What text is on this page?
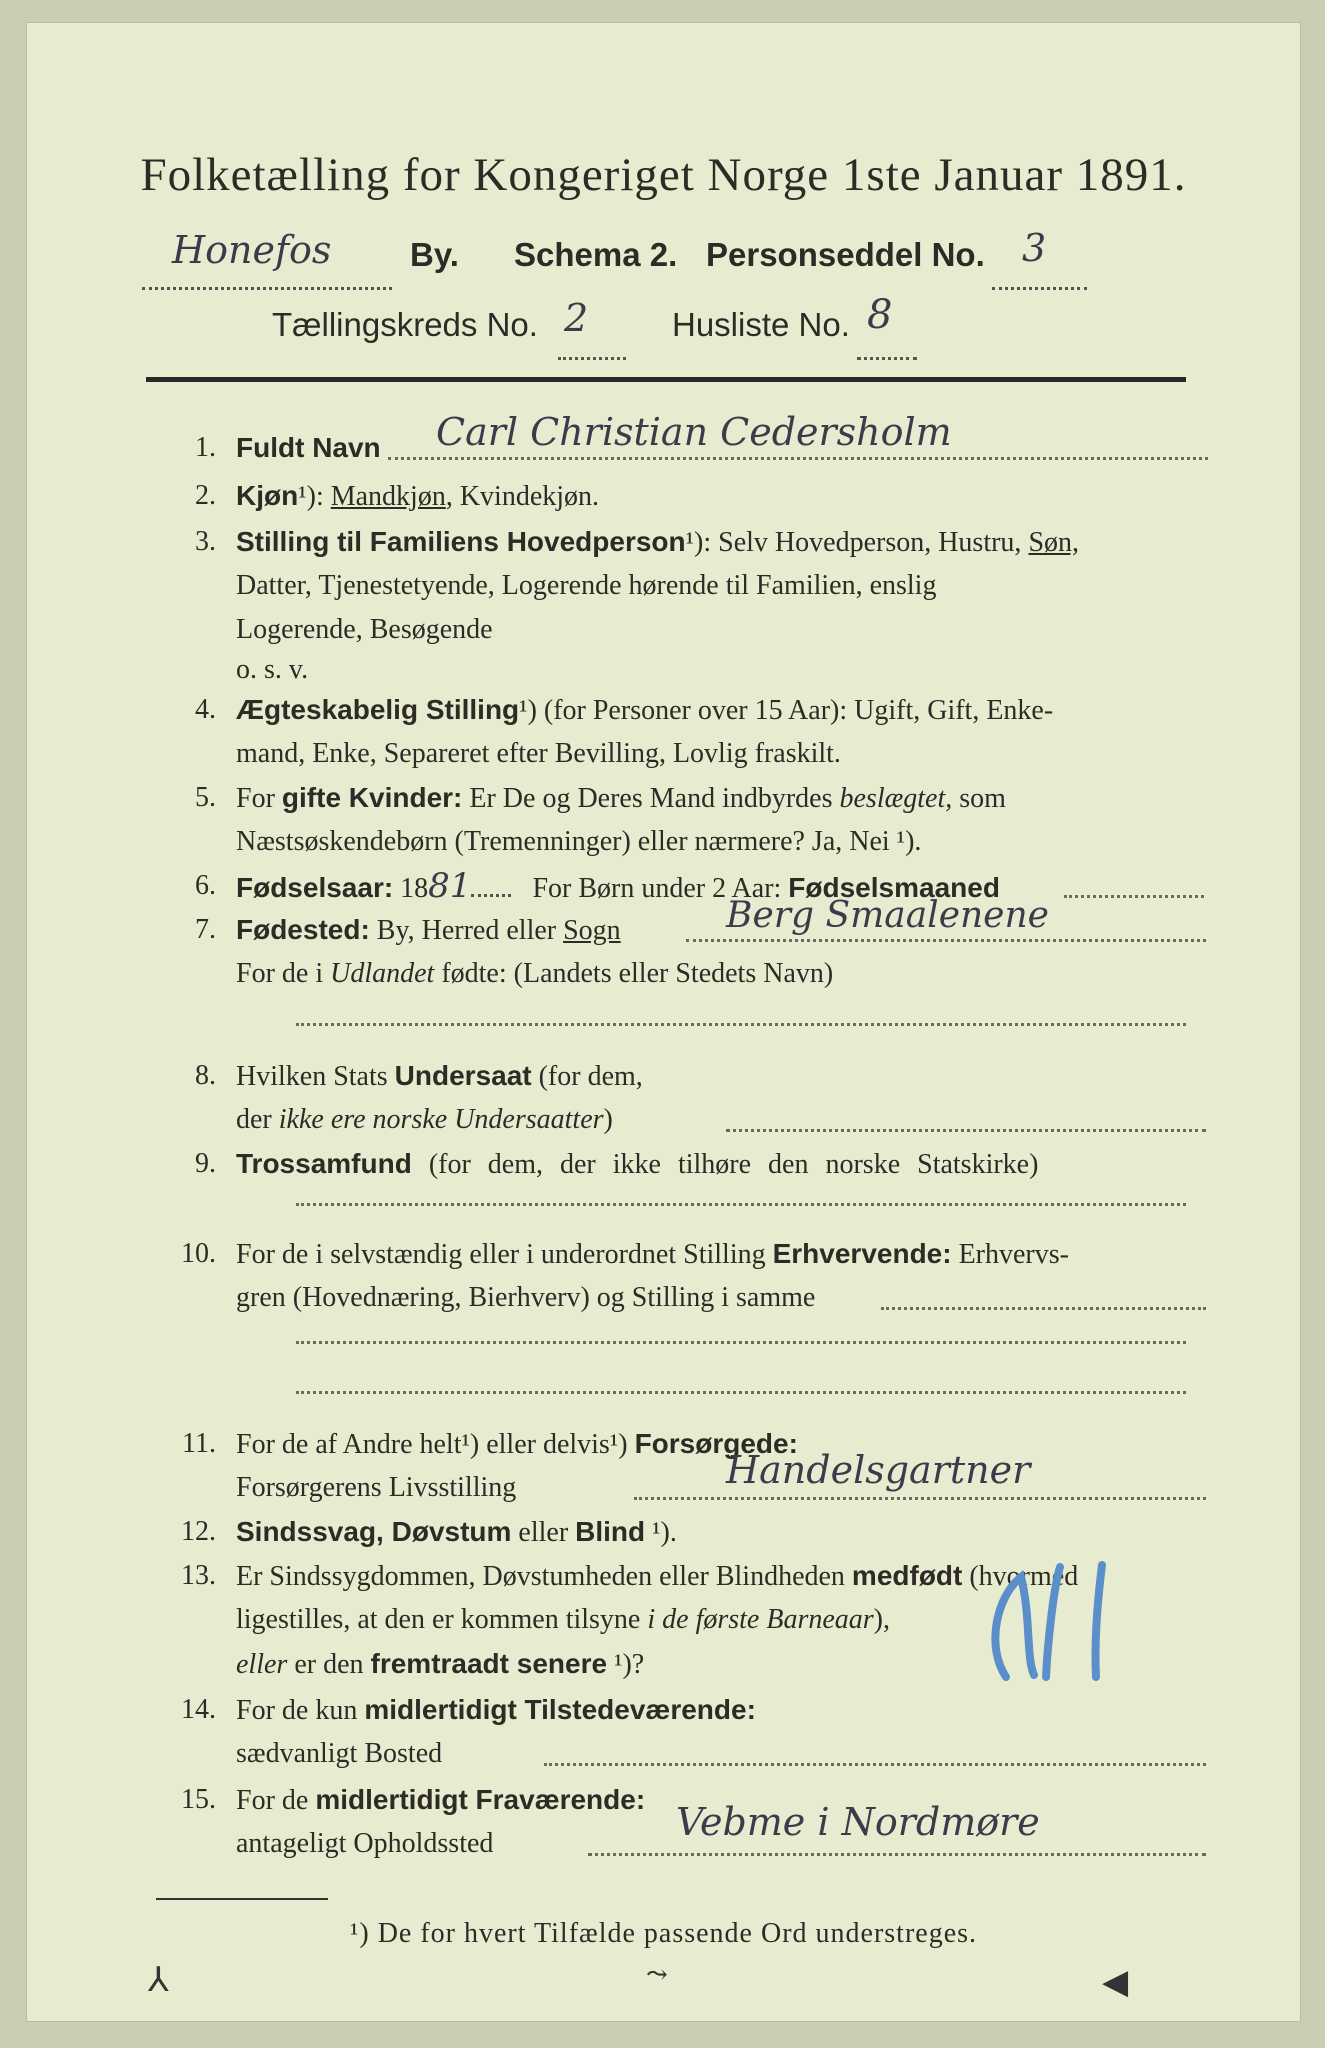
Folketælling for Kongeriget Norge 1ste Januar 1891.
Honefos By. Schema 2. Personseddel No. 3
Tællingskreds No. 2	Husliste No. 8
1. Fuldt Navn	Carl Christian Cedersholm
2. Kjøn¹): Mandkjøn, Kvindekjøn.
3. Stilling til Familiens Hovedperson¹): Selv Hovedperson, Hustru, Søn,
Datter, Tjenestetyende, Logerende hørende til Familien, enslig
Logerende, Besøgende
o. s. v.
4. Ægteskabelig Stilling¹) (for Personer over 15 Aar): Ugift, Gift, Enke-
mand, Enke, Separeret efter Bevilling, Lovlig fraskilt.
5. For gifte Kvinder: Er De og Deres Mand indbyrdes beslægtet, som
Næstsøskendebørn (Tremenninger) eller nærmere? Ja, Nei ¹).
6. Fødselsaar: 1881 For Børn under 2 Aar: Fødselsmaaned
7. Fødested: By, Herred eller Sogn	Berg Smaalenene
For de i Udlandet fødte: (Landets eller Stedets Navn)
8. Hvilken Stats Undersaat (for dem,
der ikke ere norske Undersaatter)
9. Trossamfund (for dem, der ikke tilhøre den norske Statskirke)
10. For de i selvstændig eller i underordnet Stilling Erhvervende: Erhvervs-
gren (Hovednæring, Bierhverv) og Stilling i samme
11. For de af Andre helt¹) eller delvis¹) Forsørgede:
Forsørgerens Livsstilling	Handelsgartner
12. Sindssvag, Døvstum eller Blind ¹).
13. Er Sindssygdommen, Døvstumheden eller Blindheden medfødt (hvormed
ligestilles, at den er kommen tilsyne i de første Barneaar),
eller er den fremtraadt senere ¹)?
14. For de kun midlertidigt Tilstedeværende:
sædvanligt Bosted
15. For de midlertidigt Fraværende:
antageligt Opholdssted	Vebme i Nordmøre
¹) De for hvert Tilfælde passende Ord understreges.
⅄	⤳	◀
